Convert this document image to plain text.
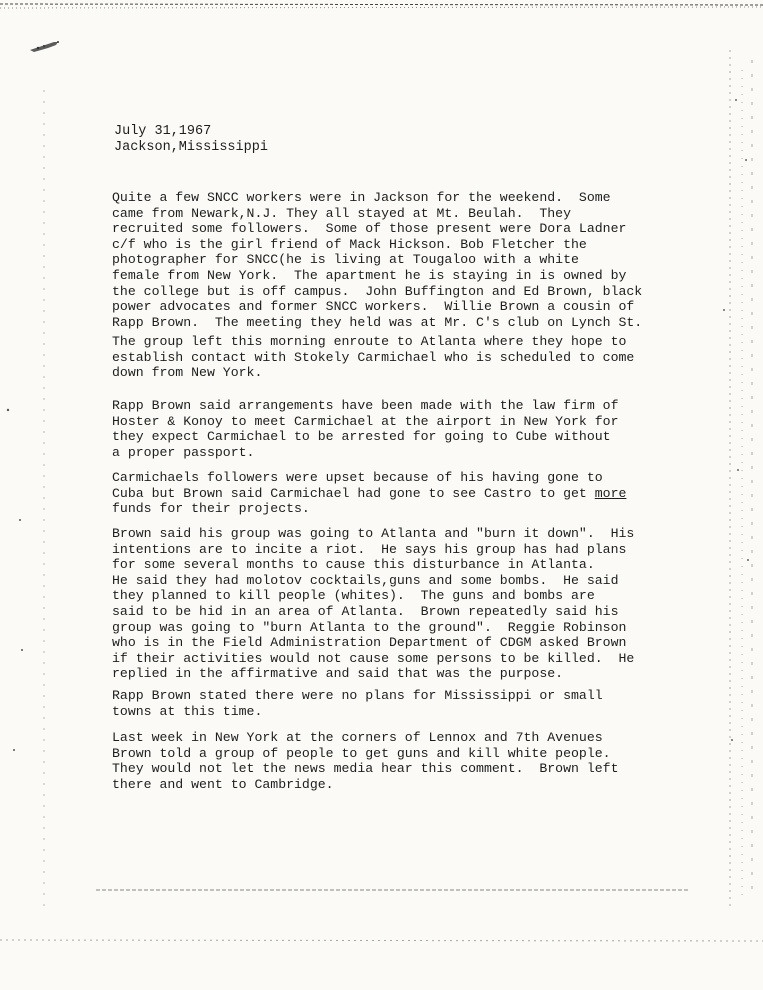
July 31,1967
Jackson,Mississippi
Quite a few SNCC workers were in Jackson for the weekend.  Some
came from Newark,N.J. They all stayed at Mt. Beulah.  They
recruited some followers.  Some of those present were Dora Ladner
c/f who is the girl friend of Mack Hickson. Bob Fletcher the
photographer for SNCC(he is living at Tougaloo with a white
female from New York.  The apartment he is staying in is owned by
the college but is off campus.  John Buffington and Ed Brown, black
power advocates and former SNCC workers.  Willie Brown a cousin of
Rapp Brown.  The meeting they held was at Mr. C's club on Lynch St.
The group left this morning enroute to Atlanta where they hope to
establish contact with Stokely Carmichael who is scheduled to come
down from New York.
Rapp Brown said arrangements have been made with the law firm of
Hoster & Konoy to meet Carmichael at the airport in New York for
they expect Carmichael to be arrested for going to Cube without
a proper passport.
Carmichaels followers were upset because of his having gone to
Cuba but Brown said Carmichael had gone to see Castro to get more
funds for their projects.
Brown said his group was going to Atlanta and "burn it down".  His
intentions are to incite a riot.  He says his group has had plans
for some several months to cause this disturbance in Atlanta.
He said they had molotov cocktails,guns and some bombs.  He said
they planned to kill people (whites).  The guns and bombs are
said to be hid in an area of Atlanta.  Brown repeatedly said his
group was going to "burn Atlanta to the ground".  Reggie Robinson
who is in the Field Administration Department of CDGM asked Brown
if their activities would not cause some persons to be killed.  He
replied in the affirmative and said that was the purpose.
Rapp Brown stated there were no plans for Mississippi or small
towns at this time.
Last week in New York at the corners of Lennox and 7th Avenues
Brown told a group of people to get guns and kill white people.
They would not let the news media hear this comment.  Brown left
there and went to Cambridge.
